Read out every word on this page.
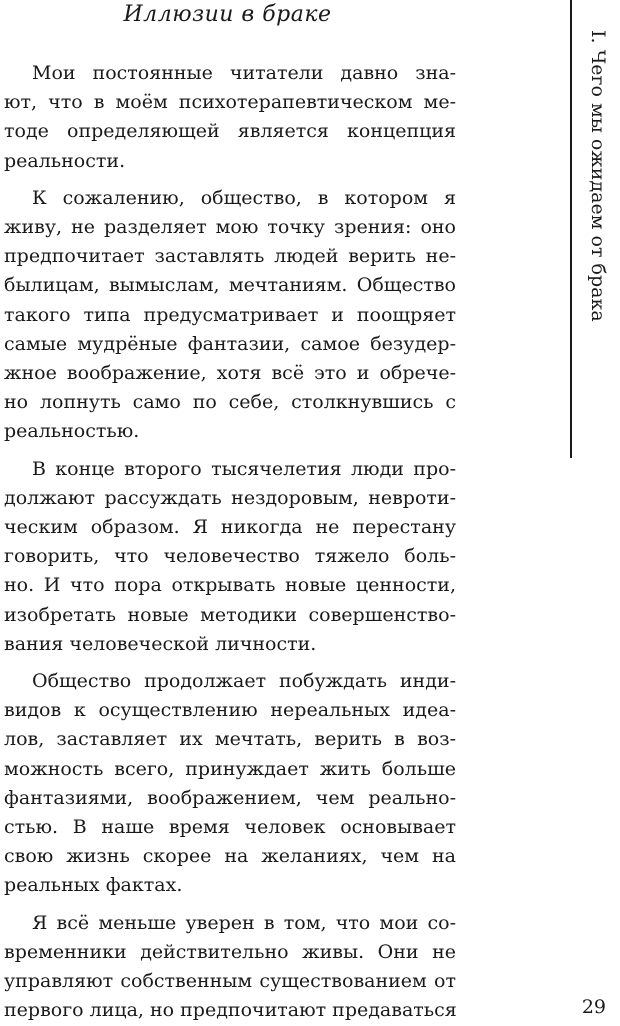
Иллюзии в браке

Мои постоянные читатели давно зна-
ют, что в моём психотерапевтическом ме-
тоде определяющей является концепция
реальности.

К сожалению, общество, в котором я
живу, не разделяет мою точку зрения: оно
предпочитает заставлять людей верить не-
былицам, вымыслам, мечтаниям. Общество
такого типа предусматривает и поощряет
самые мудрёные фантазии, самое безудер-
жное воображение, хотя всё это и обрече-
но лопнуть само по себе, столкнувшись с
реальностью.

В конце второго тысячелетия люди про-
должают рассуждать нездоровым, невроти-
ческим образом. Я никогда не перестану
говорить, что человечество тяжело боль-
но. И что пора открывать новые ценности,
изобретать новые методики совершенство-
вания человеческой личности.

Общество продолжает побуждать инди-
видов к осуществлению нереальных идеа-
лов, заставляет их мечтать, верить в воз-
можность всего, принуждает жить больше
фантазиями, воображением, чем реально-
стью. В наше время человек основывает
свою жизнь скорее на желаниях, чем на
реальных фактах.

Я всё меньше уверен в том, что мои со-
временники действительно живы. Они не
управляют собственным существованием от
первого лица, но предпочитают предаваться

I. Чего мы ожидаем от брака
29
